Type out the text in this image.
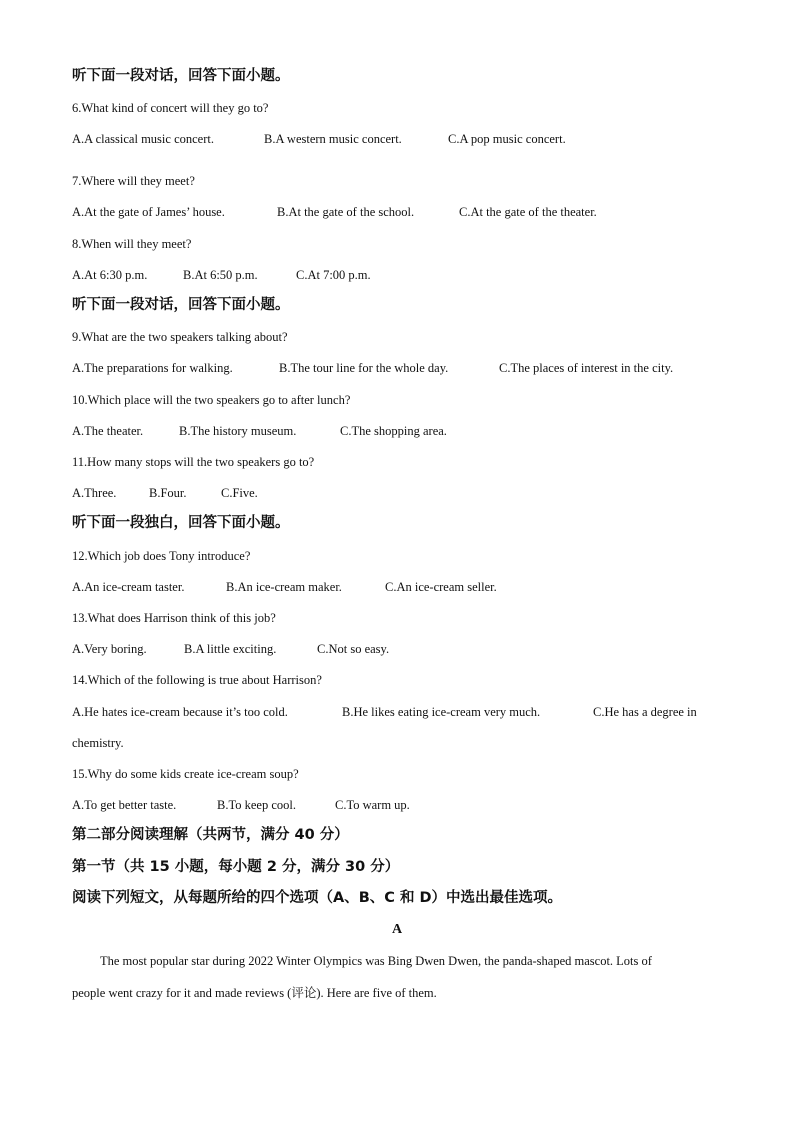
听下面一段对话，回答下面小题。
6.What kind of concert will they go to?
A.A classical music concert.	B.A western music concert.	C.A pop music concert.
7.Where will they meet?
A.At the gate of James’ house.	B.At the gate of the school.	C.At the gate of the theater.
8.When will they meet?
A.At 6:30 p.m.	B.At 6:50 p.m.	C.At 7:00 p.m.
听下面一段对话，回答下面小题。
9.What are the two speakers talking about?
A.The preparations for walking.	B.The tour line for the whole day.	C.The places of interest in the city.
10.Which place will the two speakers go to after lunch?
A.The theater.	B.The history museum.	C.The shopping area.
11.How many stops will the two speakers go to?
A.Three.	B.Four.	C.Five.
听下面一段独白，回答下面小题。
12.Which job does Tony introduce?
A.An ice-cream taster.	B.An ice-cream maker.	C.An ice-cream seller.
13.What does Harrison think of this job?
A.Very boring.	B.A little exciting.	C.Not so easy.
14.Which of the following is true about Harrison?
A.He hates ice-cream because it’s too cold.	B.He likes eating ice-cream very much.	C.He has a degree in
chemistry.
15.Why do some kids create ice-cream soup?
A.To get better taste.	B.To keep cool.	C.To warm up.
第二部分阅读理解（共两节，满分 40 分）
第一节（共 15 小题，每小题 2 分，满分 30 分）
阅读下列短文，从每题所给的四个选项（A、B、C 和 D）中选出最佳选项。
A
The most popular star during 2022 Winter Olympics was Bing Dwen Dwen, the panda-shaped mascot. Lots of
people went crazy for it and made reviews (评论). Here are five of them.
